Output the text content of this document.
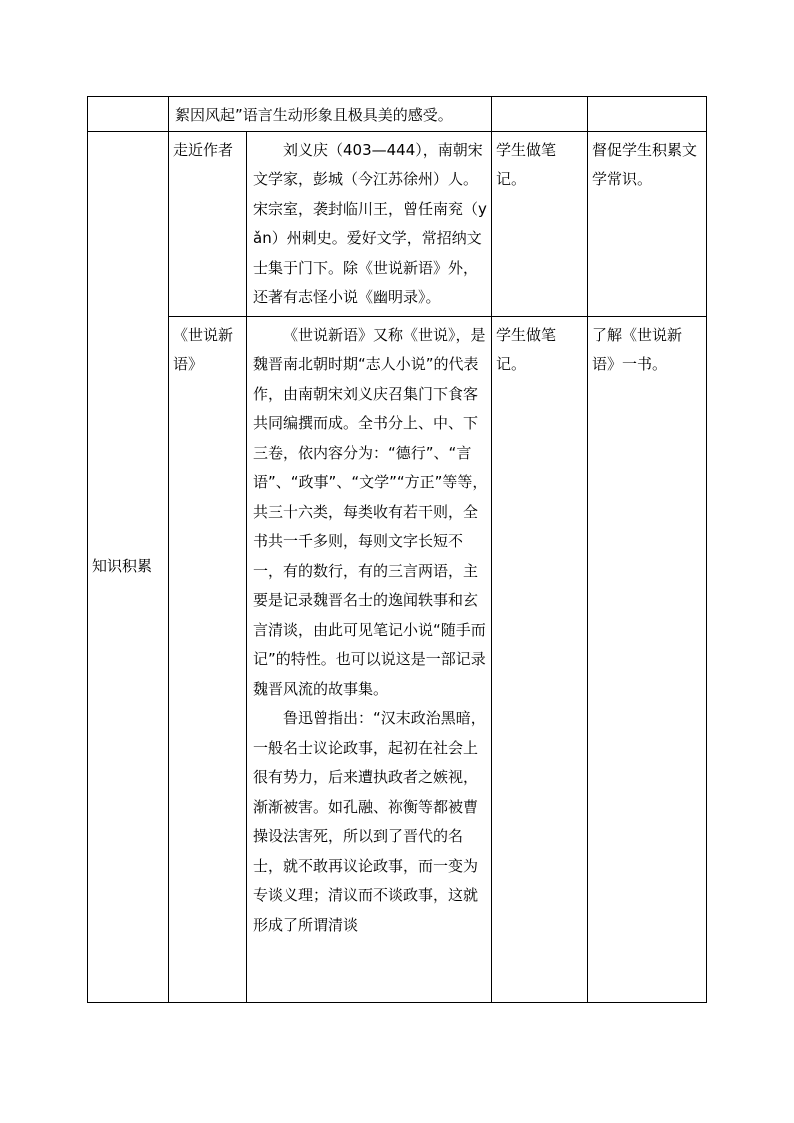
	絮因风起”语言生动形象且极具美的感受。			

知识积累	走近作者	刘义庆（403—444），南朝宋文学家，彭城（今江苏徐州）人。宋宗室，袭封临川王，曾任南兖（yǎn）州刺史。爱好文学，常招纳文士集于门下。除《世说新语》外，还著有志怪小说《幽明录》。	学生做笔记。	督促学生积累文学常识。
	《世说新语》	《世说新语》又称《世说》，是魏晋南北朝时期“志人小说”的代表作，由南朝宋刘义庆召集门下食客共同编撰而成。全书分上、中、下三卷，依内容分为：“德行”、“言语”、“政事”、“文学”“方正”等等，共三十六类，每类收有若干则，全书共一千多则，每则文字长短不一，有的数行，有的三言两语，主要是记录魏晋名士的逸闻轶事和玄言清谈，由此可见笔记小说“随手而记”的特性。也可以说这是一部记录魏晋风流的故事集。

鲁迅曾指出：“汉末政治黑暗，一般名士议论政事，起初在社会上很有势力，后来遭执政者之嫉视，渐渐被害。如孔融、祢衡等都被曹操设法害死，所以到了晋代的名士，就不敢再议论政事，而一变为专谈义理；清议而不谈政事，这就形成了所谓清谈	学生做笔记。	了解《世说新语》一书。
